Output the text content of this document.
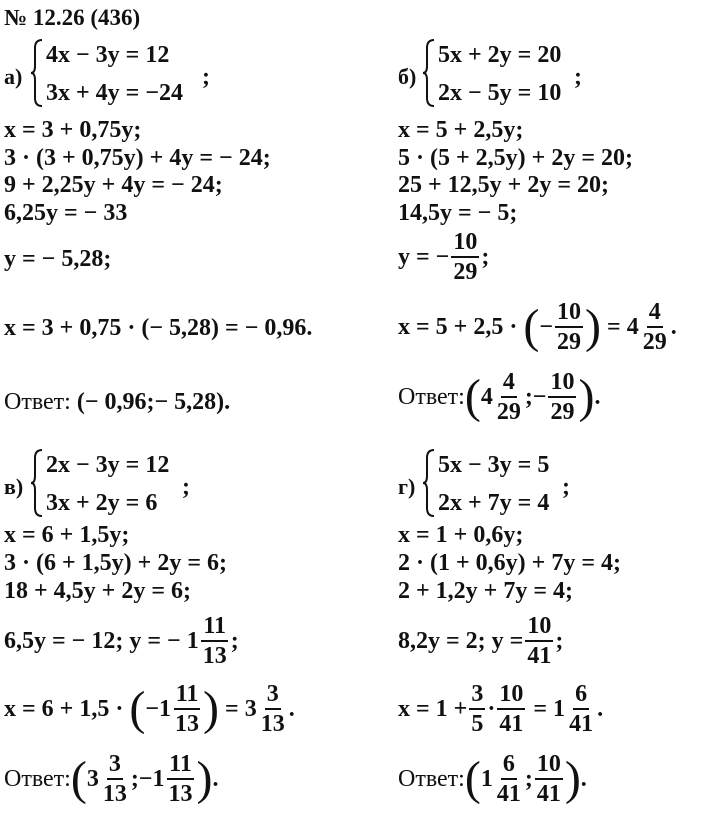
№ 12.26 (436)
а)
4x − 3y = 12
3x + 4y = −24
;
x = 3 + 0,75y;
3 · (3 + 0,75y) + 4y = − 24;
9 + 2,25y + 4y = − 24;
6,25y = − 33
y = − 5,28;
x = 3 + 0,75 · (− 5,28) = − 0,96.
Ответ: (− 0,96;− 5,28).
б)
5x + 2y = 20
2x − 5y = 10
;
x = 5 + 2,5y;
5 · (5 + 2,5y) + 2y = 20;
25 + 12,5y + 2y = 20;
14,5y = − 5;
y = − $\frac{10}{29}$ ;
x = 5 + 2,5 ·
( − $\frac{10}{29}$ )
= $4 \frac{4}{29}$ .
Ответ: ( $4 \frac{4}{29}$ ;− $\frac{10}{29}$ ) .
в)
2x − 3y = 12
3x + 2y = 6
;
x = 6 + 1,5y;
3 · (6 + 1,5y) + 2y = 6;
18 + 4,5y + 2y = 6;
6,5y = − 12; y = − $1 \frac{11}{13}$ ;
x = 6 + 1,5 ·
( $-1 \frac{11}{13}$ )
= $3 \frac{3}{13}$ .
Ответ: ( $3 \frac{3}{13}$ ;−1 $\frac{11}{13}$ ) .
г)
5x − 3y = 5
2x + 7y = 4
;
x = 1 + 0,6y;
2 · (1 + 0,6y) + 7y = 4;
2 + 1,2y + 7y = 4;
8,2y = 2; $y = \frac{10}{41}$ ;
$x = 1 + \frac{3}{5} \cdot \frac{10}{41}$
= $1 \frac{6}{41}$ .
Ответ: ( $1 \frac{6}{41}$ ; $\frac{10}{41}$ ) .
